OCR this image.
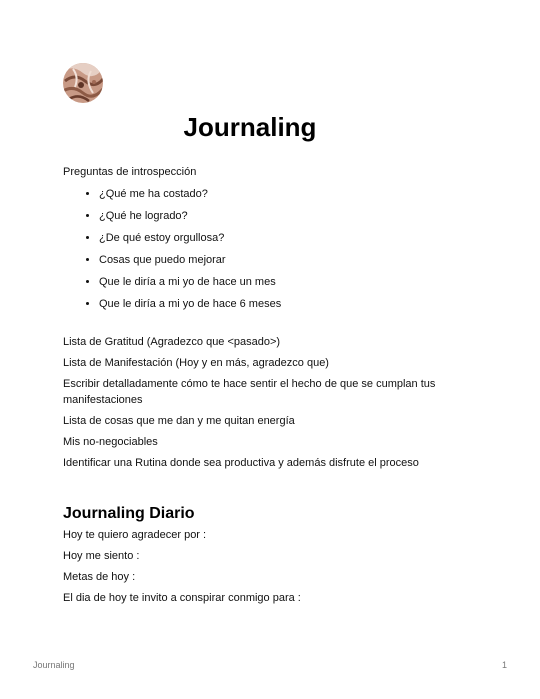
Journaling

Preguntas de introspección

• ¿Qué me ha costado?
• ¿Qué he logrado?
• ¿De qué estoy orgullosa?
• Cosas que puedo mejorar
• Que le diría a mi yo de hace un mes
• Que le diría a mi yo de hace 6 meses

Lista de Gratitud (Agradezco que <pasado>)

Lista de Manifestación (Hoy y en más, agradezco que)

Escribir detalladamente cómo te hace sentir el hecho de que se cumplan tus manifestaciones

Lista de cosas que me dan y me quitan energía

Mis no-negociables

Identificar una Rutina donde sea productiva y además disfrute el proceso

Journaling Diario

Hoy te quiero agradecer por :

Hoy me siento :

Metas de hoy :

El dia de hoy te invito a conspirar conmigo para :

Journaling	1
